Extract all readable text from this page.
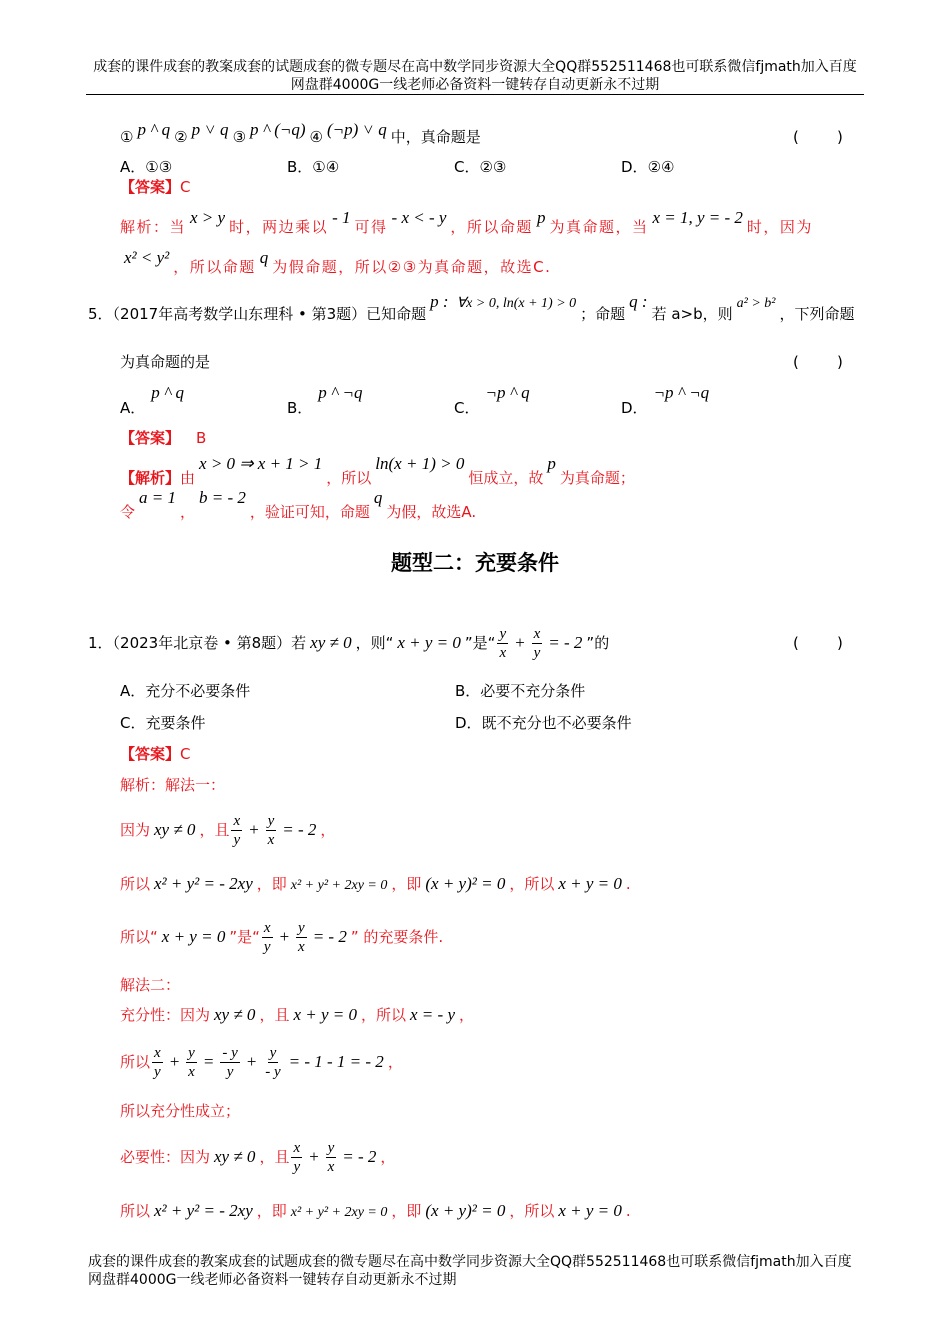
成套的课件成套的教案成套的试题成套的微专题尽在高中数学同步资源大全QQ群552511468也可联系微信fjmath加入百度
网盘群4000G一线老师必备资料一键转存自动更新永不过期
① p ^ q ② p ˅ q ③ p ^ (¬q) ④ (¬p) ˅ q 中，真命题是	(        )
A．①③	B．①④	C．②③	D．②④
【答案】C
解析：当 x > y 时，两边乘以 - 1 可得 - x < - y ，所以命题 p 为真命题，当 x = 1, y = - 2 时，因为
x² < y² ，所以命题 q 为假命题，所以②③为真命题，故选C.
5．（2017年高考数学山东理科 • 第3题）已知命题p : ∀x > 0, ln(x + 1) > 0；命题q :若 a>b，则a² > b²，下列命题
为真命题的是	(        )
A．p ^ q
B．p ^ ¬q
C．¬p ^ q
D．¬p ^ ¬q
【答案】 B
【解析】由x > 0 ⇒ x + 1 > 1，所以ln(x + 1) > 0恒成立，故p为真命题；
令a = 1，b = - 2，验证可知，命题q为假，故选A.
题型二：充要条件
1．（2023年北京卷 • 第8题）若 xy ≠ 0 ，则“ x + y = 0 ”是“ $\frac{y}{x} + \frac{x}{y}$ = - 2 ”的	(        )
A．充分不必要条件	B．必要不充分条件
C．充要条件	D．既不充分也不必要条件
【答案】C
解析：解法一：
因为 xy ≠ 0 ，且 $\frac{x}{y} + \frac{y}{x}$ = - 2 ，
所以 x² + y² = - 2xy ，即 x² + y² + 2xy = 0 ，即 (x + y)² = 0 ，所以 x + y = 0 .
所以“ x + y = 0 ”是“ $\frac{x}{y} + \frac{y}{x}$ = - 2 ” 的充要条件.
解法二：
充分性：因为 xy ≠ 0 ，且 x + y = 0 ，所以 x = - y ，
所以 $\frac{x}{y} + \frac{y}{x} = \frac{- y}{y} + \frac{y}{- y}$ = - 1 - 1 = - 2 ，
所以充分性成立；
必要性：因为 xy ≠ 0 ，且 $\frac{x}{y} + \frac{y}{x}$ = - 2 ，
所以 x² + y² = - 2xy ，即 x² + y² + 2xy = 0 ，即 (x + y)² = 0 ，所以 x + y = 0 .
成套的课件成套的教案成套的试题成套的微专题尽在高中数学同步资源大全QQ群552511468也可联系微信fjmath加入百度
网盘群4000G一线老师必备资料一键转存自动更新永不过期
